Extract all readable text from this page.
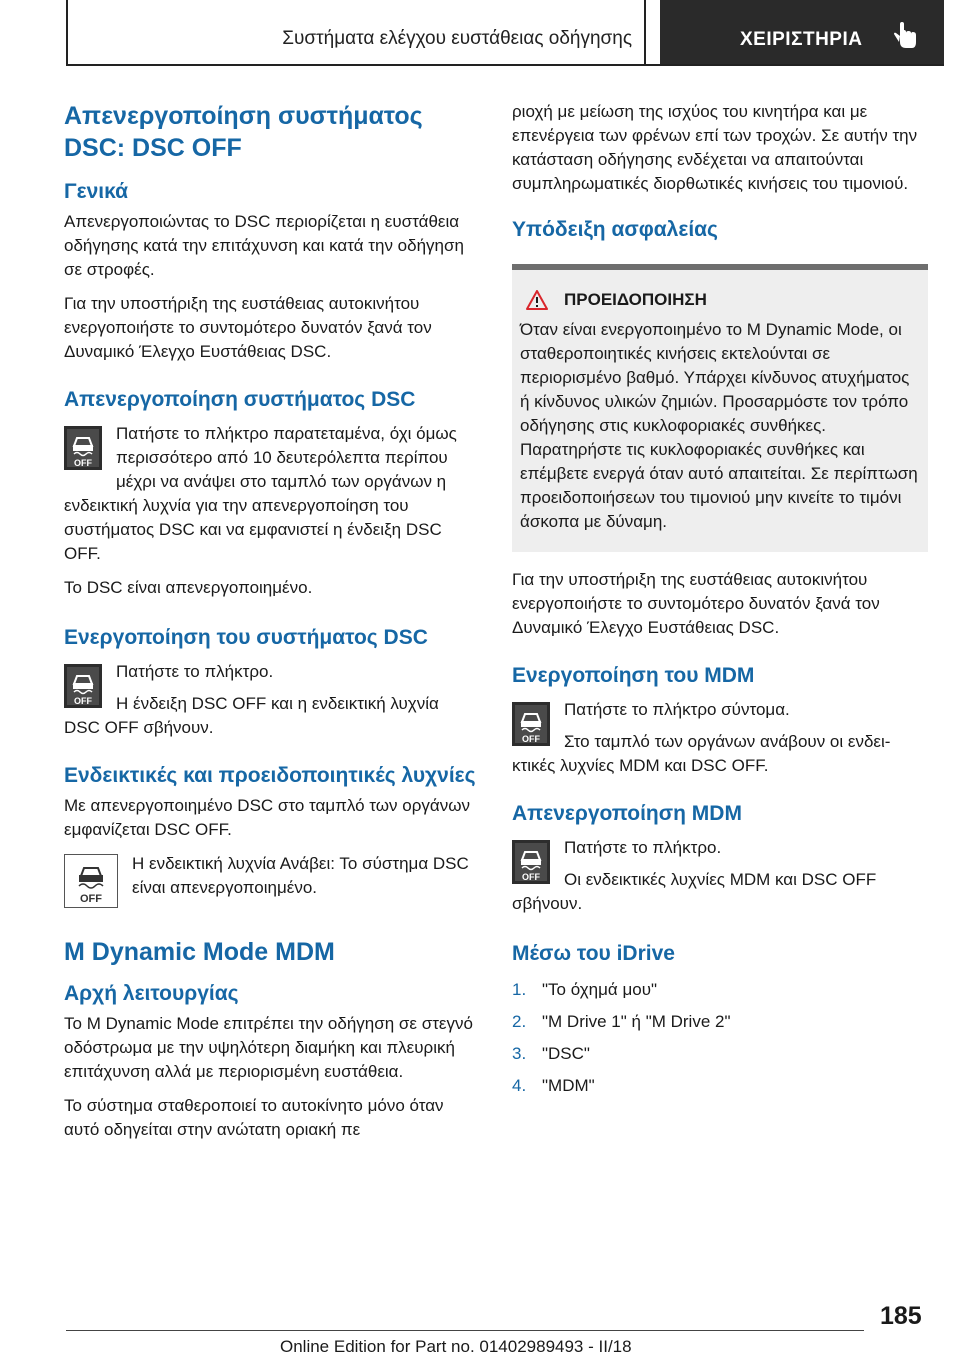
Συστήματα ελέγχου ευστάθειας οδήγησης	ΧΕΙΡΙΣΤΗΡΙΑ
Απενεργοποίηση συστήματος DSC: DSC OFF
Γενικά

Απενεργοποιώντας το DSC περιορίζεται η ευστάθεια οδήγησης κατά την επιτάχυνση και κατά την οδήγηση σε στροφές.

Για την υποστήριξη της ευστάθειας αυτοκινήτου ενεργοποιήστε το συντομότερο δυνατόν ξανά τον Δυναμικό Έλεγχο Ευστάθειας DSC.

Απενεργοποίηση συστήματος DSC
OFF

Πατήστε το πλήκτρο παρατεταμένα, όχι όμως περισσότερο από 10 δευτερόλεπτα περίπου μέχρι να ανάψει στο ταμπλό των οργάνων η ενδεικτική λυχνία για την απενεργοποίηση του συστήματος DSC και να εμφανιστεί η ένδειξη DSC OFF.

Το DSC είναι απενεργοποιημένο.

Ενεργοποίηση του συστήματος DSC
OFF

Πατήστε το πλήκτρο.

Η ένδειξη DSC OFF και η ενδεικτική λυχνία DSC OFF σβήνουν.

Ενδεικτικές και προειδοποιητικές λυχνίες

Με απενεργοποιημένο DSC στο ταμπλό των οργάνων εμφανίζεται DSC OFF.

OFF

Η ενδεικτική λυχνία Ανάβει: Το σύστημα DSC είναι απενεργοποιημένο.

M Dynamic Mode MDM
Αρχή λειτουργίας

Το M Dynamic Mode επιτρέπει την οδήγηση σε στεγνό οδόστρωμα με την υψηλότερη διαμήκη και πλευρική επιτάχυνση αλλά με περιορισμένη ευστάθεια.

Το σύστημα σταθεροποιεί το αυτοκίνητο μόνο όταν αυτό οδηγείται στην ανώτατη οριακή πε

ριοχή με μείωση της ισχύος του κινητήρα και με επενέργεια των φρένων επί των τροχών. Σε αυτήν την κατάσταση οδήγησης ενδέχεται να απαιτούνται συμπληρωματικές διορθωτικές κινήσεις του τιμονιού.

Υπόδειξη ασφαλείας
ΠΡΟΕΙΔΟΠΟΙΗΣΗ

Όταν είναι ενεργοποιημένο το M Dynamic Mode, οι σταθεροποιητικές κινήσεις εκτελούνται σε περιορισμένο βαθμό. Υπάρχει κίνδυνος ατυχήματος ή κίνδυνος υλικών ζημιών. Προσαρμόστε τον τρόπο οδήγησης στις κυκλοφοριακές συνθήκες. Παρατηρήστε τις κυκλοφοριακές συνθήκες και επέμβετε ενεργά όταν αυτό απαιτείται. Σε περίπτωση προειδοποιήσεων του τιμονιού μην κινείτε το τιμόνι άσκοπα με δύναμη.

Για την υποστήριξη της ευστάθειας αυτοκινήτου ενεργοποιήστε το συντομότερο δυνατόν ξανά τον Δυναμικό Έλεγχο Ευστάθειας DSC.

Ενεργοποίηση του MDM
OFF

Πατήστε το πλήκτρο σύντομα.

Στο ταμπλό των οργάνων ανάβουν οι ενδεικτικές λυχνίες MDM και DSC OFF.

Απενεργοποίηση MDM
OFF

Πατήστε το πλήκτρο.

Οι ενδεικτικές λυχνίες MDM και DSC OFF σβήνουν.

Μέσω του iDrive
1. "Το όχημά μου"
2. "M Drive 1" ή "M Drive 2"
3. "DSC"
4. "MDM"
185
Online Edition for Part no. 01402989493 - II/18
